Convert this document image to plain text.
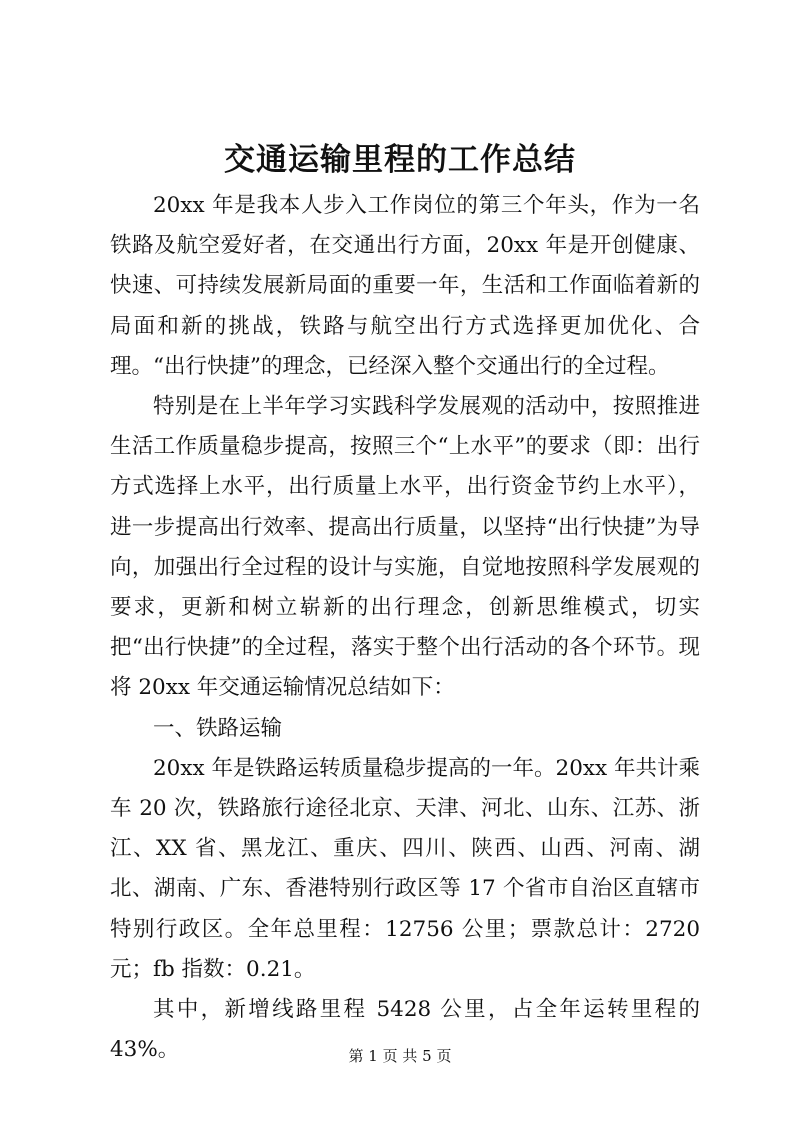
交通运输里程的工作总结

20xx 年是我本人步入工作岗位的第三个年头，作为一名铁路及航空爱好者，在交通出行方面，20xx 年是开创健康、快速、可持续发展新局面的重要一年，生活和工作面临着新的局面和新的挑战，铁路与航空出行方式选择更加优化、合理。“出行快捷”的理念，已经深入整个交通出行的全过程。

特别是在上半年学习实践科学发展观的活动中，按照推进生活工作质量稳步提高，按照三个“上水平”的要求（即：出行方式选择上水平，出行质量上水平，出行资金节约上水平），进一步提高出行效率、提高出行质量，以坚持“出行快捷”为导向，加强出行全过程的设计与实施，自觉地按照科学发展观的要求，更新和树立崭新的出行理念，创新思维模式，切实把“出行快捷”的全过程，落实于整个出行活动的各个环节。现将 20xx 年交通运输情况总结如下：

一、铁路运输

20xx 年是铁路运转质量稳步提高的一年。20xx 年共计乘车 20 次，铁路旅行途径北京、天津、河北、山东、江苏、浙江、XX 省、黑龙江、重庆、四川、陕西、山西、河南、湖北、湖南、广东、香港特别行政区等 17 个省市自治区直辖市特别行政区。全年总里程：12756 公里；票款总计：2720 元；fb 指数：0.21。

其中，新增线路里程 5428 公里，占全年运转里程的 43%。	第 1 页 共 5 页
